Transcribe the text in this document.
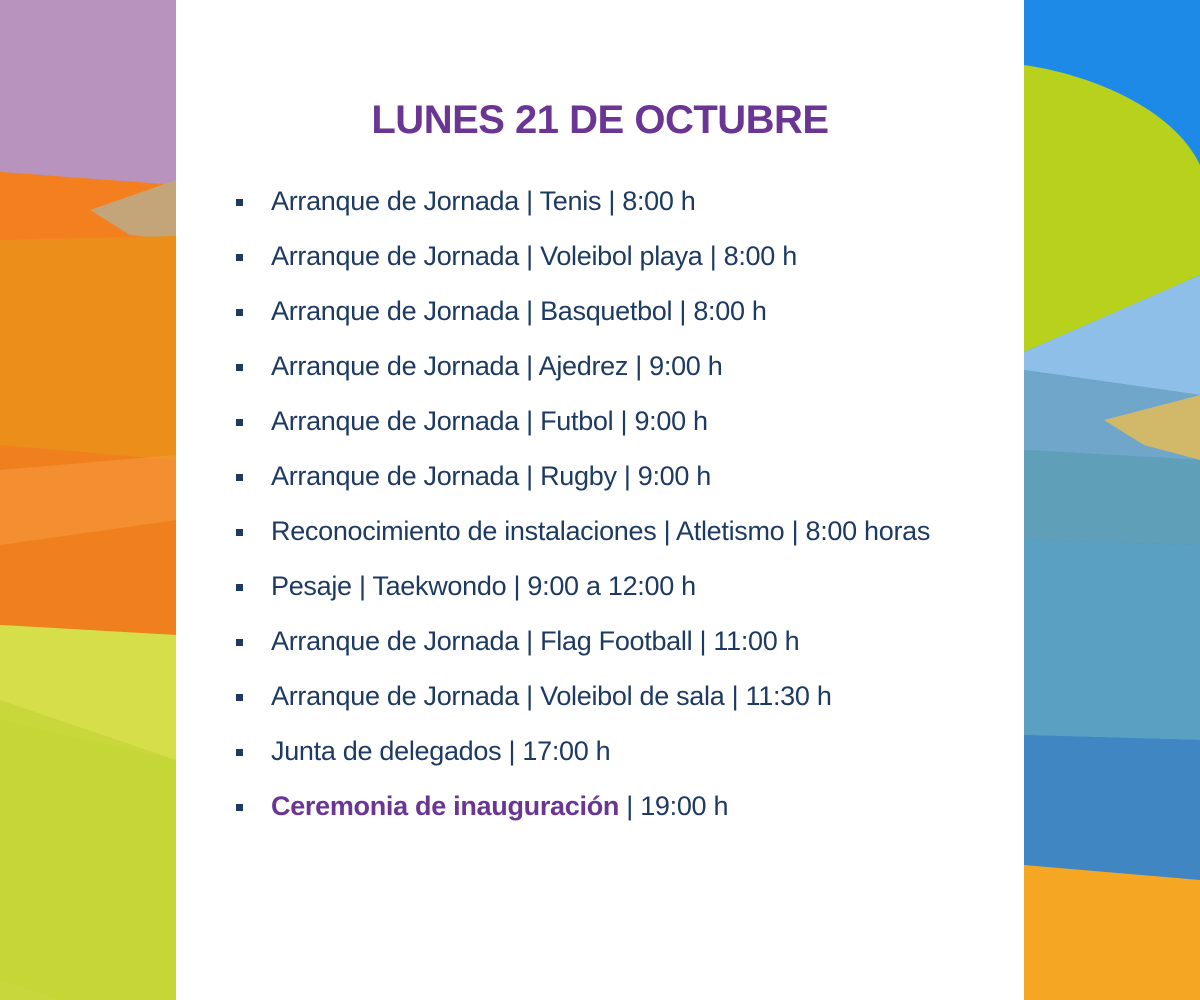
LUNES 21 DE OCTUBRE
Arranque de Jornada | Tenis | 8:00 h
Arranque de Jornada | Voleibol playa | 8:00 h
Arranque de Jornada | Basquetbol | 8:00 h
Arranque de Jornada | Ajedrez | 9:00 h
Arranque de Jornada | Futbol | 9:00 h
Arranque de Jornada | Rugby | 9:00 h
Reconocimiento de instalaciones | Atletismo | 8:00 horas
Pesaje | Taekwondo | 9:00 a 12:00 h
Arranque de Jornada | Flag Football | 11:00 h
Arranque de Jornada | Voleibol de sala | 11:30 h
Junta de delegados | 17:00 h
Ceremonia de inauguración | 19:00 h
